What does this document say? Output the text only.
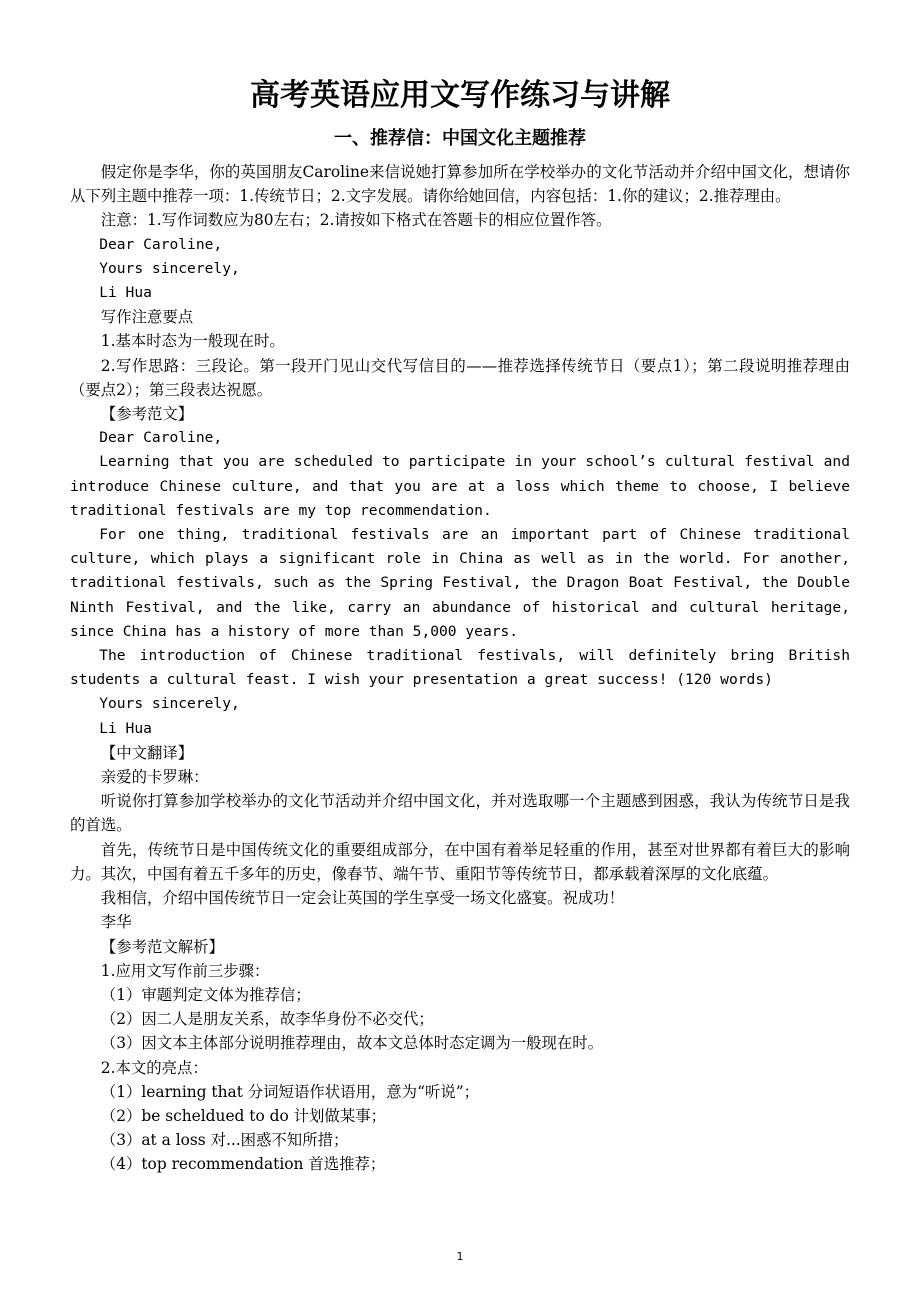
高考英语应用文写作练习与讲解
一、推荐信：中国文化主题推荐

假定你是李华，你的英国朋友Caroline来信说她打算参加所在学校举办的文化节活动并介绍中国文化，想请你从下列主题中推荐一项：1.传统节日；2.文字发展。请你给她回信，内容包括：1.你的建议；2.推荐理由。

注意：1.写作词数应为80左右；2.请按如下格式在答题卡的相应位置作答。

Dear Caroline,

Yours sincerely,

Li Hua

写作注意要点

1.基本时态为一般现在时。

2.写作思路：三段论。第一段开门见山交代写信目的——推荐选择传统节日（要点1）；第二段说明推荐理由（要点2）；第三段表达祝愿。

【参考范文】

Dear Caroline,

Learning that you are scheduled to participate in your school’s cultural festival and introduce Chinese culture, and that you are at a loss which theme to choose, I believe traditional festivals are my top recommendation.

For one thing, traditional festivals are an important part of Chinese traditional culture, which plays a significant role in China as well as in the world. For another, traditional festivals, such as the Spring Festival, the Dragon Boat Festival, the Double Ninth Festival, and the like, carry an abundance of historical and cultural heritage, since China has a history of more than 5,000 years.

The introduction of Chinese traditional festivals, will definitely bring British students a cultural feast. I wish your presentation a great success! (120 words)

Yours sincerely,

Li Hua

【中文翻译】

亲爱的卡罗琳：

听说你打算参加学校举办的文化节活动并介绍中国文化，并对选取哪一个主题感到困惑，我认为传统节日是我的首选。

首先，传统节日是中国传统文化的重要组成部分，在中国有着举足轻重的作用，甚至对世界都有着巨大的影响力。其次，中国有着五千多年的历史，像春节、端午节、重阳节等传统节日，都承载着深厚的文化底蕴。

我相信，介绍中国传统节日一定会让英国的学生享受一场文化盛宴。祝成功！

李华

【参考范文解析】

1.应用文写作前三步骤：

（1）审题判定文体为推荐信；

（2）因二人是朋友关系，故李华身份不必交代；

（3）因文本主体部分说明推荐理由，故本文总体时态定调为一般现在时。

2.本文的亮点：

（1）learning that 分词短语作状语用，意为“听说”；

（2）be scheldued to do 计划做某事；

（3）at a loss 对...困惑不知所措；

（4）top recommendation 首选推荐；

1
